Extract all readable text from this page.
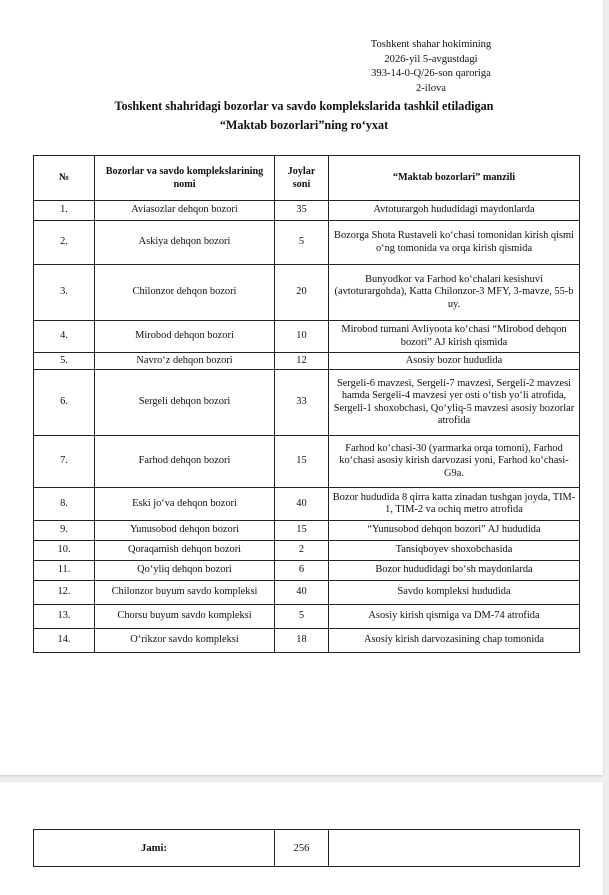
Toshkent shahar hokimining
2026-yil 5-avgustdagi
393-14-0-Q/26-son qaroriga
2-ilova
Toshkent shahridagi bozorlar va savdo komplekslarida tashkil etiladigan
“Maktab bozorlari”ning ro‘yxat
№	Bozorlar va savdo komplekslarining nomi	Joylar soni	“Maktab bozorlari” manzili
1.	Aviasozlar dehqon bozori	35	Avtoturargoh hududidagi maydonlarda
2.	Askiya dehqon bozori	5	Bozorga Shota Rustaveli ko‘chasi tomonidan kirish qismi o‘ng tomonida va orqa kirish qismida
3.	Chilonzor dehqon bozori	20	Bunyodkor va Farhod ko‘chalari kesishuvi (avtoturargohda), Katta Chilonzor-3 MFY, 3-mavze, 55-b uy.
4.	Mirobod dehqon bozori	10	Mirobod tumani Avliyoota ko‘chasi “Mirobod dehqon bozori” AJ kirish qismida
5.	Navro‘z dehqon bozori	12	Asosiy bozor hududida
6.	Sergeli dehqon bozori	33	Sergeli-6 mavzesi, Sergeli-7 mavzesi, Sergeli-2 mavzesi hamda Sergeli-4 mavzesi yer osti o‘tish yo‘li atrofida, Sergeli-1 shoxobchasi, Qo‘yliq-5 mavzesi asosiy bozorlar atrofida
7.	Farhod dehqon bozori	15	Farhod ko‘chasi-30 (yarmarka orqa tomoni), Farhod ko‘chasi asosiy kirish darvozasi yoni, Farhod ko‘chasi-G9a.
8.	Eski jo‘va dehqon bozori	40	Bozor hududida 8 qirra katta zinadan tushgan joyda, TIM-1, TIM-2 va ochiq metro atrofida
9.	Yunusobod dehqon bozori	15	“Yunusobod dehqon bozori” AJ hududida
10.	Qoraqamish dehqon bozori	2	Tansiqboyev shoxobchasida
11.	Qo‘yliq dehqon bozori	6	Bozor hududidagi bo‘sh maydonlarda
12.	Chilonzor buyum savdo kompleksi	40	Savdo kompleksi hududida
13.	Chorsu buyum savdo kompleksi	5	Asosiy kirish qismiga va DM-74 atrofida
14.	O‘rikzor savdo kompleksi	18	Asosiy kirish darvozasining chap tomonida
Jami:	256	
